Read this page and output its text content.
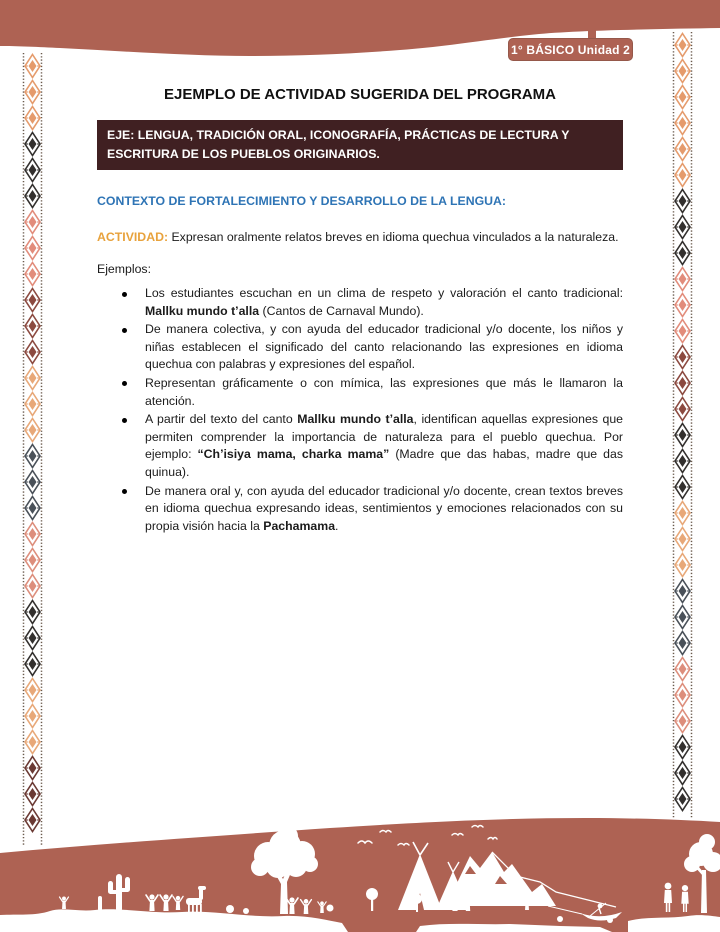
1° BÁSICO Unidad 2
EJEMPLO DE ACTIVIDAD SUGERIDA DEL PROGRAMA
EJE: LENGUA, TRADICIÓN ORAL, ICONOGRAFÍA, PRÁCTICAS DE LECTURA Y ESCRITURA DE LOS PUEBLOS ORIGINARIOS.
CONTEXTO DE FORTALECIMIENTO Y DESARROLLO DE LA LENGUA:

ACTIVIDAD: Expresan oralmente relatos breves en idioma quechua vinculados a la naturaleza.

Ejemplos:

Los estudiantes escuchan en un clima de respeto y valoración el canto tradicional: Mallku mundo t’alla (Cantos de Carnaval Mundo).
De manera colectiva, y con ayuda del educador tradicional y/o docente, los niños y niñas establecen el significado del canto relacionando las expresiones en idioma quechua con palabras y expresiones del español.
Representan gráficamente o con mímica, las expresiones que más le llamaron la atención.
A partir del texto del canto Mallku mundo t’alla, identifican aquellas expresiones que permiten comprender la importancia de naturaleza para el pueblo quechua. Por ejemplo: “Ch’isiya mama, charka mama” (Madre que das habas, madre que das quinua).
De manera oral y, con ayuda del educador tradicional y/o docente, crean textos breves en idioma quechua expresando ideas, sentimientos y emociones relacionados con su propia visión hacia la Pachamama.
